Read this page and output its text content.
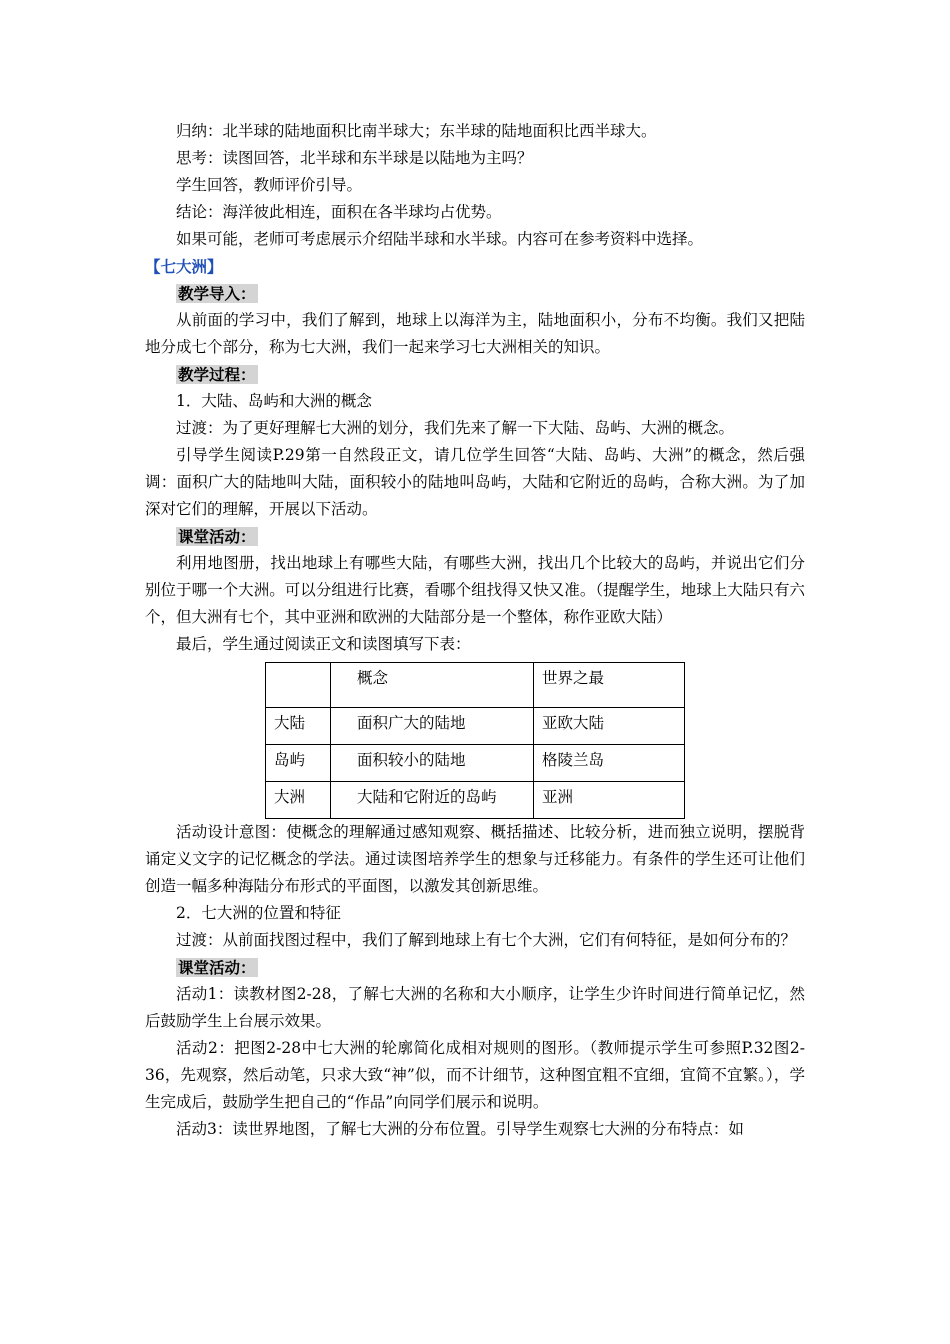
归纳：北半球的陆地面积比南半球大；东半球的陆地面积比西半球大。

思考：读图回答，北半球和东半球是以陆地为主吗？

学生回答，教师评价引导。

结论：海洋彼此相连，面积在各半球均占优势。

如果可能，老师可考虑展示介绍陆半球和水半球。内容可在参考资料中选择。

【七大洲】

教学导入：

从前面的学习中，我们了解到，地球上以海洋为主，陆地面积小，分布不均衡。我们又把陆地分成七个部分，称为七大洲，我们一起来学习七大洲相关的知识。

教学过程：

1．大陆、岛屿和大洲的概念

过渡：为了更好理解七大洲的划分，我们先来了解一下大陆、岛屿、大洲的概念。

引导学生阅读P.29第一自然段正文，请几位学生回答“大陆、岛屿、大洲”的概念，然后强调：面积广大的陆地叫大陆，面积较小的陆地叫岛屿，大陆和它附近的岛屿，合称大洲。为了加深对它们的理解，开展以下活动。

课堂活动：

利用地图册，找出地球上有哪些大陆，有哪些大洲，找出几个比较大的岛屿，并说出它们分别位于哪一个大洲。可以分组进行比赛，看哪个组找得又快又准。（提醒学生，地球上大陆只有六个，但大洲有七个，其中亚洲和欧洲的大陆部分是一个整体，称作亚欧大陆）

最后，学生通过阅读正文和读图填写下表：

	概念	世界之最
大陆	面积广大的陆地	亚欧大陆
岛屿	面积较小的陆地	格陵兰岛
大洲	大陆和它附近的岛屿	亚洲

活动设计意图：使概念的理解通过感知观察、概括描述、比较分析，进而独立说明，摆脱背诵定义文字的记忆概念的学法。通过读图培养学生的想象与迁移能力。有条件的学生还可让他们创造一幅多种海陆分布形式的平面图，以激发其创新思维。

2．七大洲的位置和特征

过渡：从前面找图过程中，我们了解到地球上有七个大洲，它们有何特征，是如何分布的？

课堂活动：

活动1：读教材图2-28，了解七大洲的名称和大小顺序，让学生少许时间进行简单记忆，然后鼓励学生上台展示效果。

活动2：把图2-28中七大洲的轮廓简化成相对规则的图形。（教师提示学生可参照P.32图2-36，先观察，然后动笔，只求大致“神”似，而不计细节，这种图宜粗不宜细，宜简不宜繁。），学生完成后，鼓励学生把自己的“作品”向同学们展示和说明。

活动3：读世界地图，了解七大洲的分布位置。引导学生观察七大洲的分布特点：如
